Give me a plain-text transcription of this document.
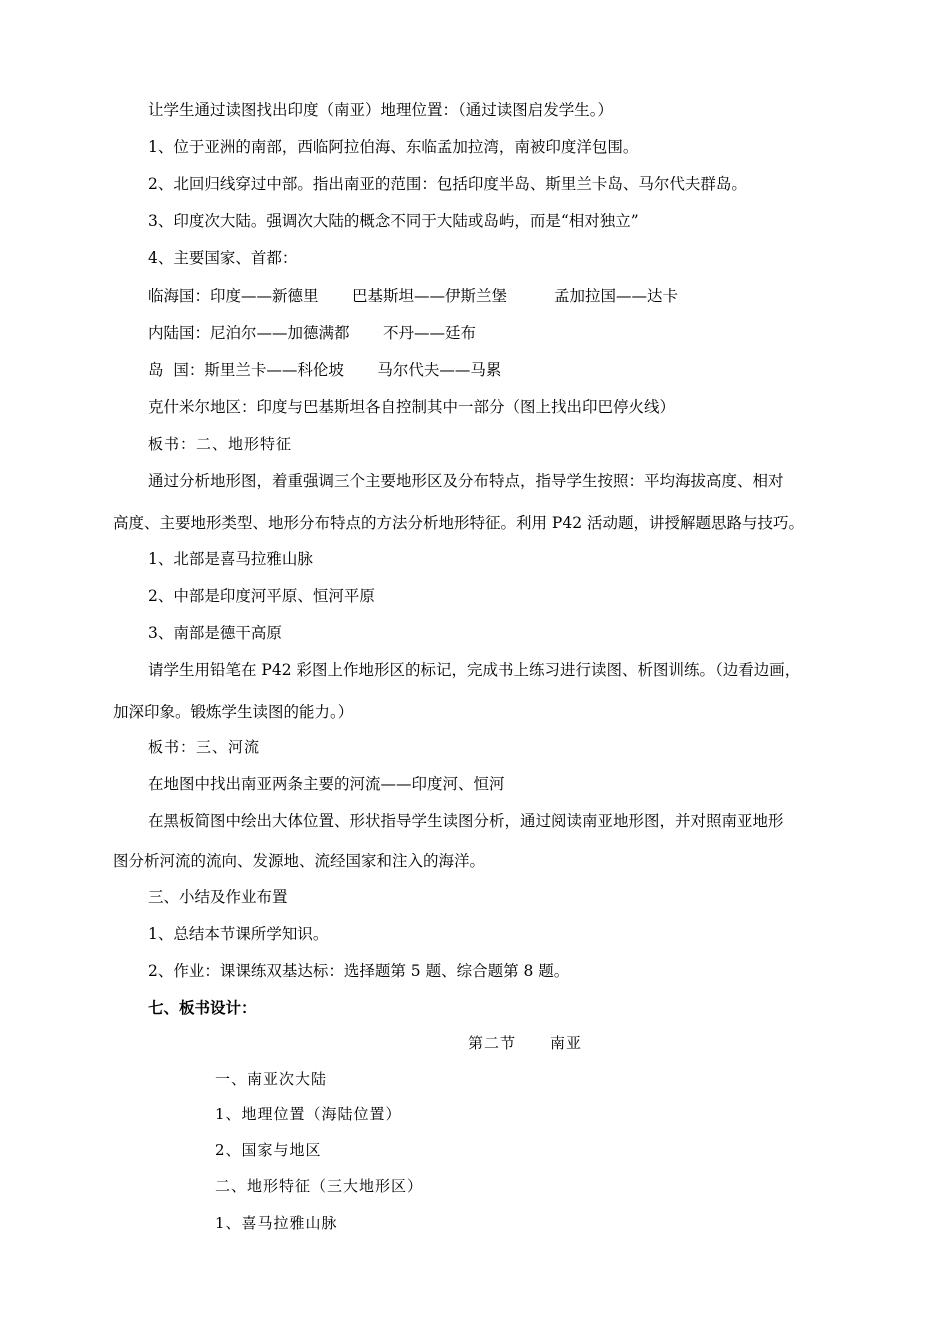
让学生通过读图找出印度（南亚）地理位置：（通过读图启发学生。）
1、位于亚洲的南部，西临阿拉伯海、东临孟加拉湾，南被印度洋包围。
2、北回归线穿过中部。指出南亚的范围：包括印度半岛、斯里兰卡岛、马尔代夫群岛。
3、印度次大陆。强调次大陆的概念不同于大陆或岛屿，而是“相对独立”
4、主要国家、首都：
临海国：印度——新德里 巴基斯坦——伊斯兰堡	孟加拉国——达卡
内陆国：尼泊尔——加德满都 不丹——廷布
岛  国：斯里兰卡——科伦坡 马尔代夫——马累
克什米尔地区：印度与巴基斯坦各自控制其中一部分（图上找出印巴停火线）
板书：二、地形特征
通过分析地形图，着重强调三个主要地形区及分布特点，指导学生按照：平均海拔高度、相对
高度、主要地形类型、地形分布特点的方法分析地形特征。利用 P42 活动题，讲授解题思路与技巧。
1、北部是喜马拉雅山脉
2、中部是印度河平原、恒河平原
3、南部是德干高原
请学生用铅笔在 P42 彩图上作地形区的标记，完成书上练习进行读图、析图训练。（边看边画，
加深印象。锻炼学生读图的能力。）
板书：三、河流
在地图中找出南亚两条主要的河流——印度河、恒河
在黑板简图中绘出大体位置、形状指导学生读图分析，通过阅读南亚地形图，并对照南亚地形
图分析河流的流向、发源地、流经国家和注入的海洋。
三、小结及作业布置
1、总结本节课所学知识。
2、作业：课课练双基达标：选择题第 5 题、综合题第 8 题。
七、板书设计：
第二节 南亚
一、南亚次大陆
1、地理位置（海陆位置）
2、国家与地区
二、地形特征（三大地形区）
1、喜马拉雅山脉
